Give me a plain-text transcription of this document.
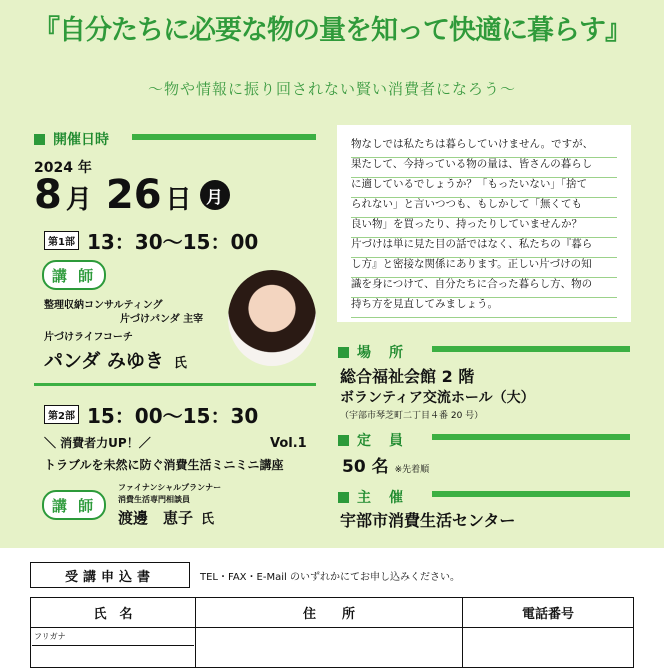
『自分たちに必要な物の量を知って快適に暮らす』
〜物や情報に振り回されない賢い消費者になろう〜
開催日時
2024 年
8 月 26 日 月
第1部 13：30〜15：00
講 師
整理収納コンサルティング
片づけパンダ 主宰
片づけライフコーチ
パンダ みゆき 氏
第2部 15：00〜15：30
＼ 消費者力UP！／	Vol.1
トラブルを未然に防ぐ消費生活ミニミニ講座
講 師
ファイナンシャルプランナー
消費生活専門相談員
渡邊　恵子 氏
物なしでは私たちは暮らしていけません。ですが、
果たして、今持っている物の量は、皆さんの暮らし
に適しているでしょうか？「もったいない」「捨て
られない」と言いつつも、もしかして「無くても
良い物」を買ったり、持ったりしていませんか？
片づけは単に見た目の話ではなく、私たちの『暮ら
し方』と密接な関係にあります。正しい片づけの知
識を身につけて、自分たちに合った暮らし方、物の
持ち方を見直してみましょう。
場　所
総合福祉会館 2 階
ボランティア交流ホール（大）
（宇部市琴芝町二丁目４番 20 号）
定　員
50 名 ※先着順
主　催
宇部市消費生活センター
受講申込書	TEL・FAX・E-Mail のいずれかにてお申し込みください。
氏　名	住　　所	電話番号

フリガナ		
